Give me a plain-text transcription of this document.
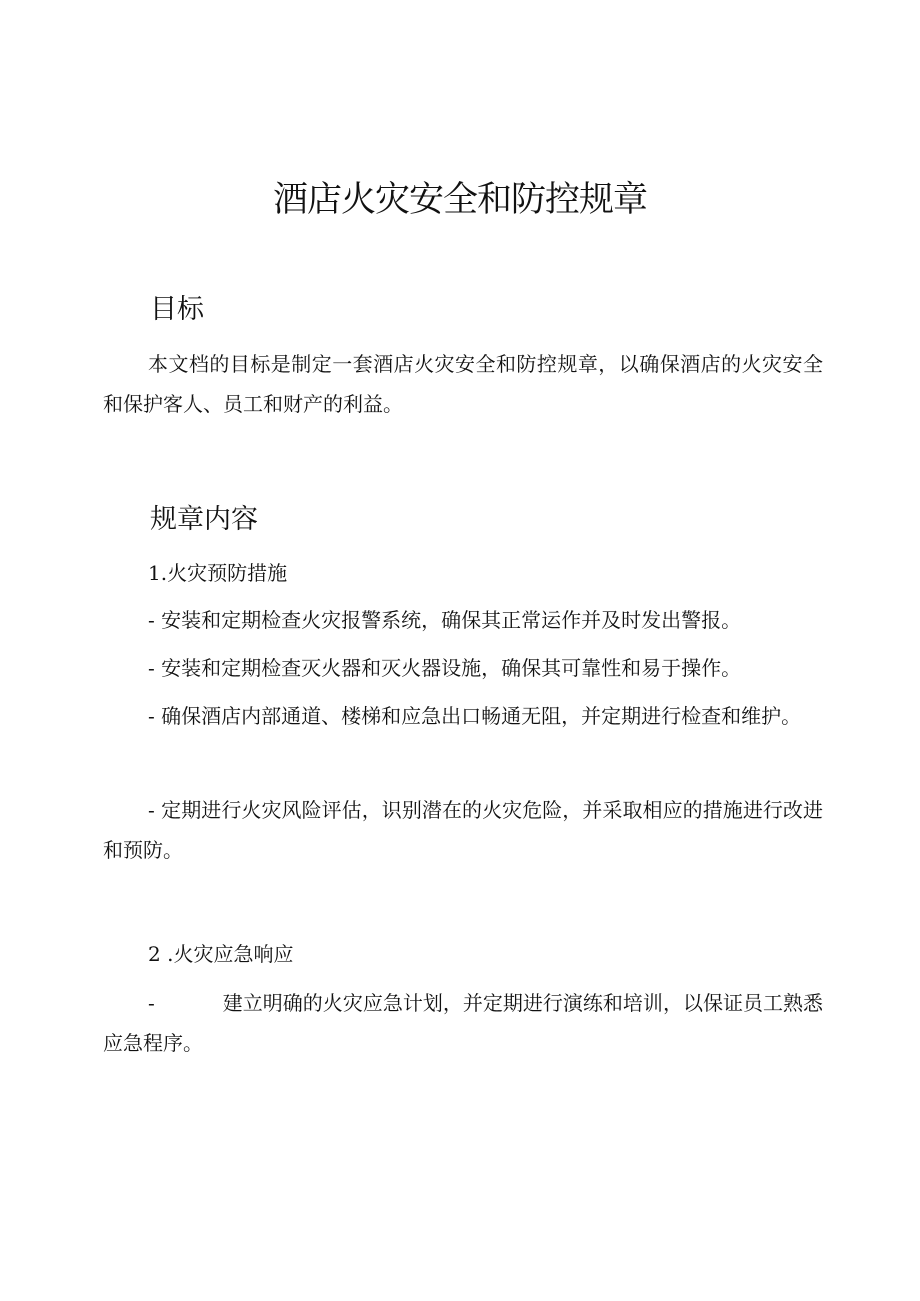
酒店火灾安全和防控规章
目标

本文档的目标是制定一套酒店火灾安全和防控规章，以确保酒店的火灾安全和保护客人、员工和财产的利益。

规章内容

1.火灾预防措施

- 安装和定期检查火灾报警系统，确保其正常运作并及时发出警报。

- 安装和定期检查灭火器和灭火器设施，确保其可靠性和易于操作。

- 确保酒店内部通道、楼梯和应急出口畅通无阻，并定期进行检查和维护。

- 定期进行火灾风险评估，识别潜在的火灾危险，并采取相应的措施进行改进和预防。

2 .火灾应急响应

-	建立明确的火灾应急计划，并定期进行演练和培训，以保证员工熟悉应急程序。
